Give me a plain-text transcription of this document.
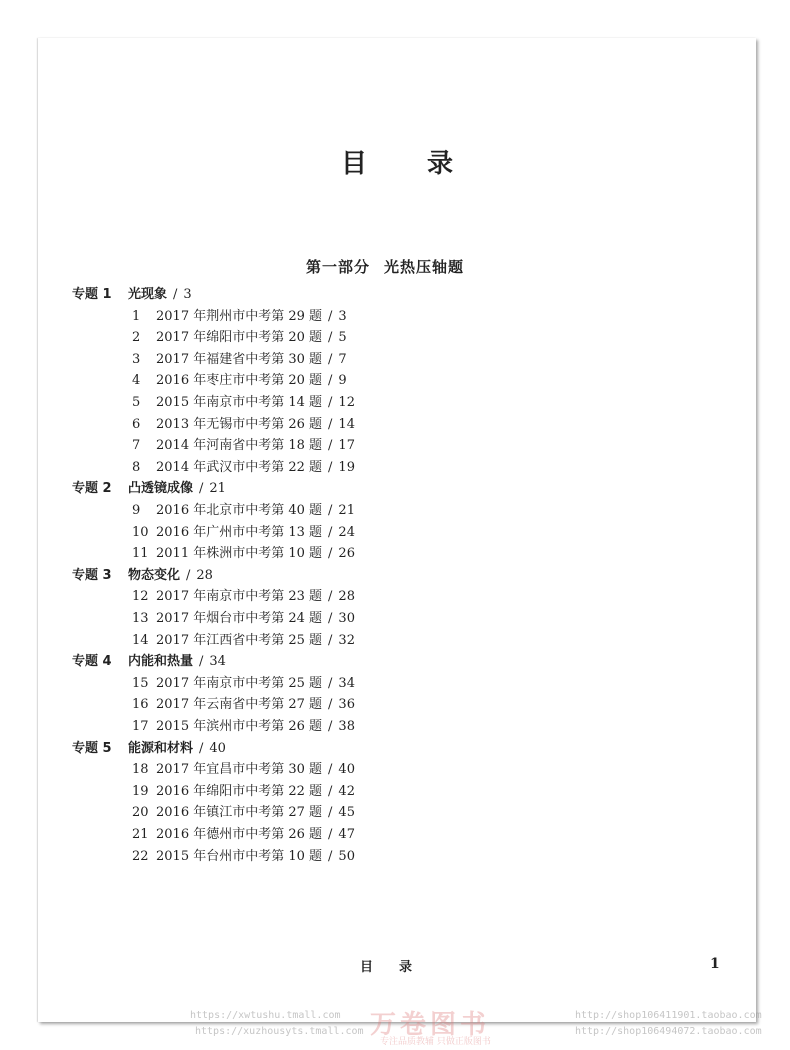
目 录
第一部分 光热压轴题
专题 1 光现象 / 3
1 2017 年荆州市中考第 29 题 / 3
2 2017 年绵阳市中考第 20 题 / 5
3 2017 年福建省中考第 30 题 / 7
4 2016 年枣庄市中考第 20 题 / 9
5 2015 年南京市中考第 14 题 / 12
6 2013 年无锡市中考第 26 题 / 14
7 2014 年河南省中考第 18 题 / 17
8 2014 年武汉市中考第 22 题 / 19
专题 2 凸透镜成像 / 21
9 2016 年北京市中考第 40 题 / 21
10 2016 年广州市中考第 13 题 / 24
11 2011 年株洲市中考第 10 题 / 26
专题 3 物态变化 / 28
12 2017 年南京市中考第 23 题 / 28
13 2017 年烟台市中考第 24 题 / 30
14 2017 年江西省中考第 25 题 / 32
专题 4 内能和热量 / 34
15 2017 年南京市中考第 25 题 / 34
16 2017 年云南省中考第 27 题 / 36
17 2015 年滨州市中考第 26 题 / 38
专题 5 能源和材料 / 40
18 2017 年宜昌市中考第 30 题 / 40
19 2016 年绵阳市中考第 22 题 / 42
20 2016 年镇江市中考第 27 题 / 45
21 2016 年德州市中考第 26 题 / 47
22 2015 年台州市中考第 10 题 / 50
目 录	1
https://xwtushu.tmall.com
https://xuzhousyts.tmall.com 万卷图书
专注品质教辅 只做正版图书
http://shop106411901.taobao.com
http://shop106494072.taobao.com
